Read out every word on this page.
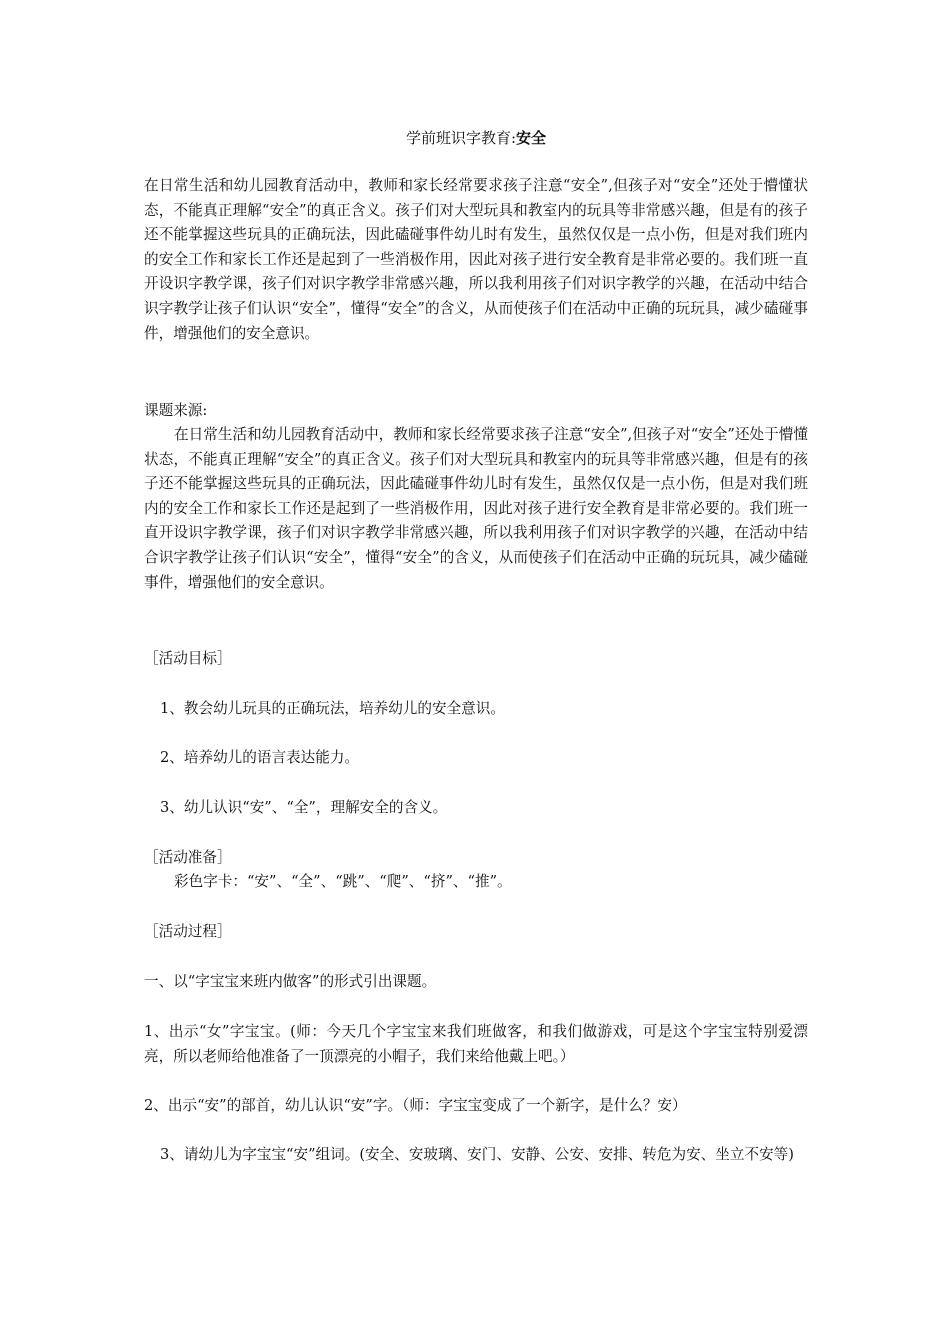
学前班识字教育:安全

在日常生活和幼儿园教育活动中，教师和家长经常要求孩子注意“安全”,但孩子对“安全”还处于懵懂状态，不能真正理解“安全”的真正含义。孩子们对大型玩具和教室内的玩具等非常感兴趣，但是有的孩子还不能掌握这些玩具的正确玩法，因此磕碰事件幼儿时有发生，虽然仅仅是一点小伤，但是对我们班内的安全工作和家长工作还是起到了一些消极作用，因此对孩子进行安全教育是非常必要的。我们班一直开设识字教学课，孩子们对识字教学非常感兴趣，所以我利用孩子们对识字教学的兴趣，在活动中结合识字教学让孩子们认识“安全”，懂得“安全”的含义，从而使孩子们在活动中正确的玩玩具，减少磕碰事件，增强他们的安全意识。

课题来源:

在日常生活和幼儿园教育活动中，教师和家长经常要求孩子注意“安全”,但孩子对“安全”还处于懵懂状态，不能真正理解“安全”的真正含义。孩子们对大型玩具和教室内的玩具等非常感兴趣，但是有的孩子还不能掌握这些玩具的正确玩法，因此磕碰事件幼儿时有发生，虽然仅仅是一点小伤，但是对我们班内的安全工作和家长工作还是起到了一些消极作用，因此对孩子进行安全教育是非常必要的。我们班一直开设识字教学课，孩子们对识字教学非常感兴趣，所以我利用孩子们对识字教学的兴趣，在活动中结合识字教学让孩子们认识“安全”，懂得“安全”的含义，从而使孩子们在活动中正确的玩玩具，减少磕碰事件，增强他们的安全意识。

［活动目标］

1、教会幼儿玩具的正确玩法，培养幼儿的安全意识。

2、培养幼儿的语言表达能力。

3、幼儿认识“安”、“全”，理解安全的含义。

［活动准备］

彩色字卡：“安”、“全”、“跳”、“爬”、“挤”、“推”。

［活动过程］

一、以“字宝宝来班内做客”的形式引出课题。

1、出示“女”字宝宝。(师：今天几个字宝宝来我们班做客，和我们做游戏，可是这个字宝宝特别爱漂亮，所以老师给他准备了一顶漂亮的小帽子，我们来给他戴上吧。）

2、出示“安”的部首，幼儿认识“安”字。（师：字宝宝变成了一个新字，是什么？安）

3、请幼儿为字宝宝“安”组词。(安全、安玻璃、安门、安静、公安、安排、转危为安、坐立不安等)
